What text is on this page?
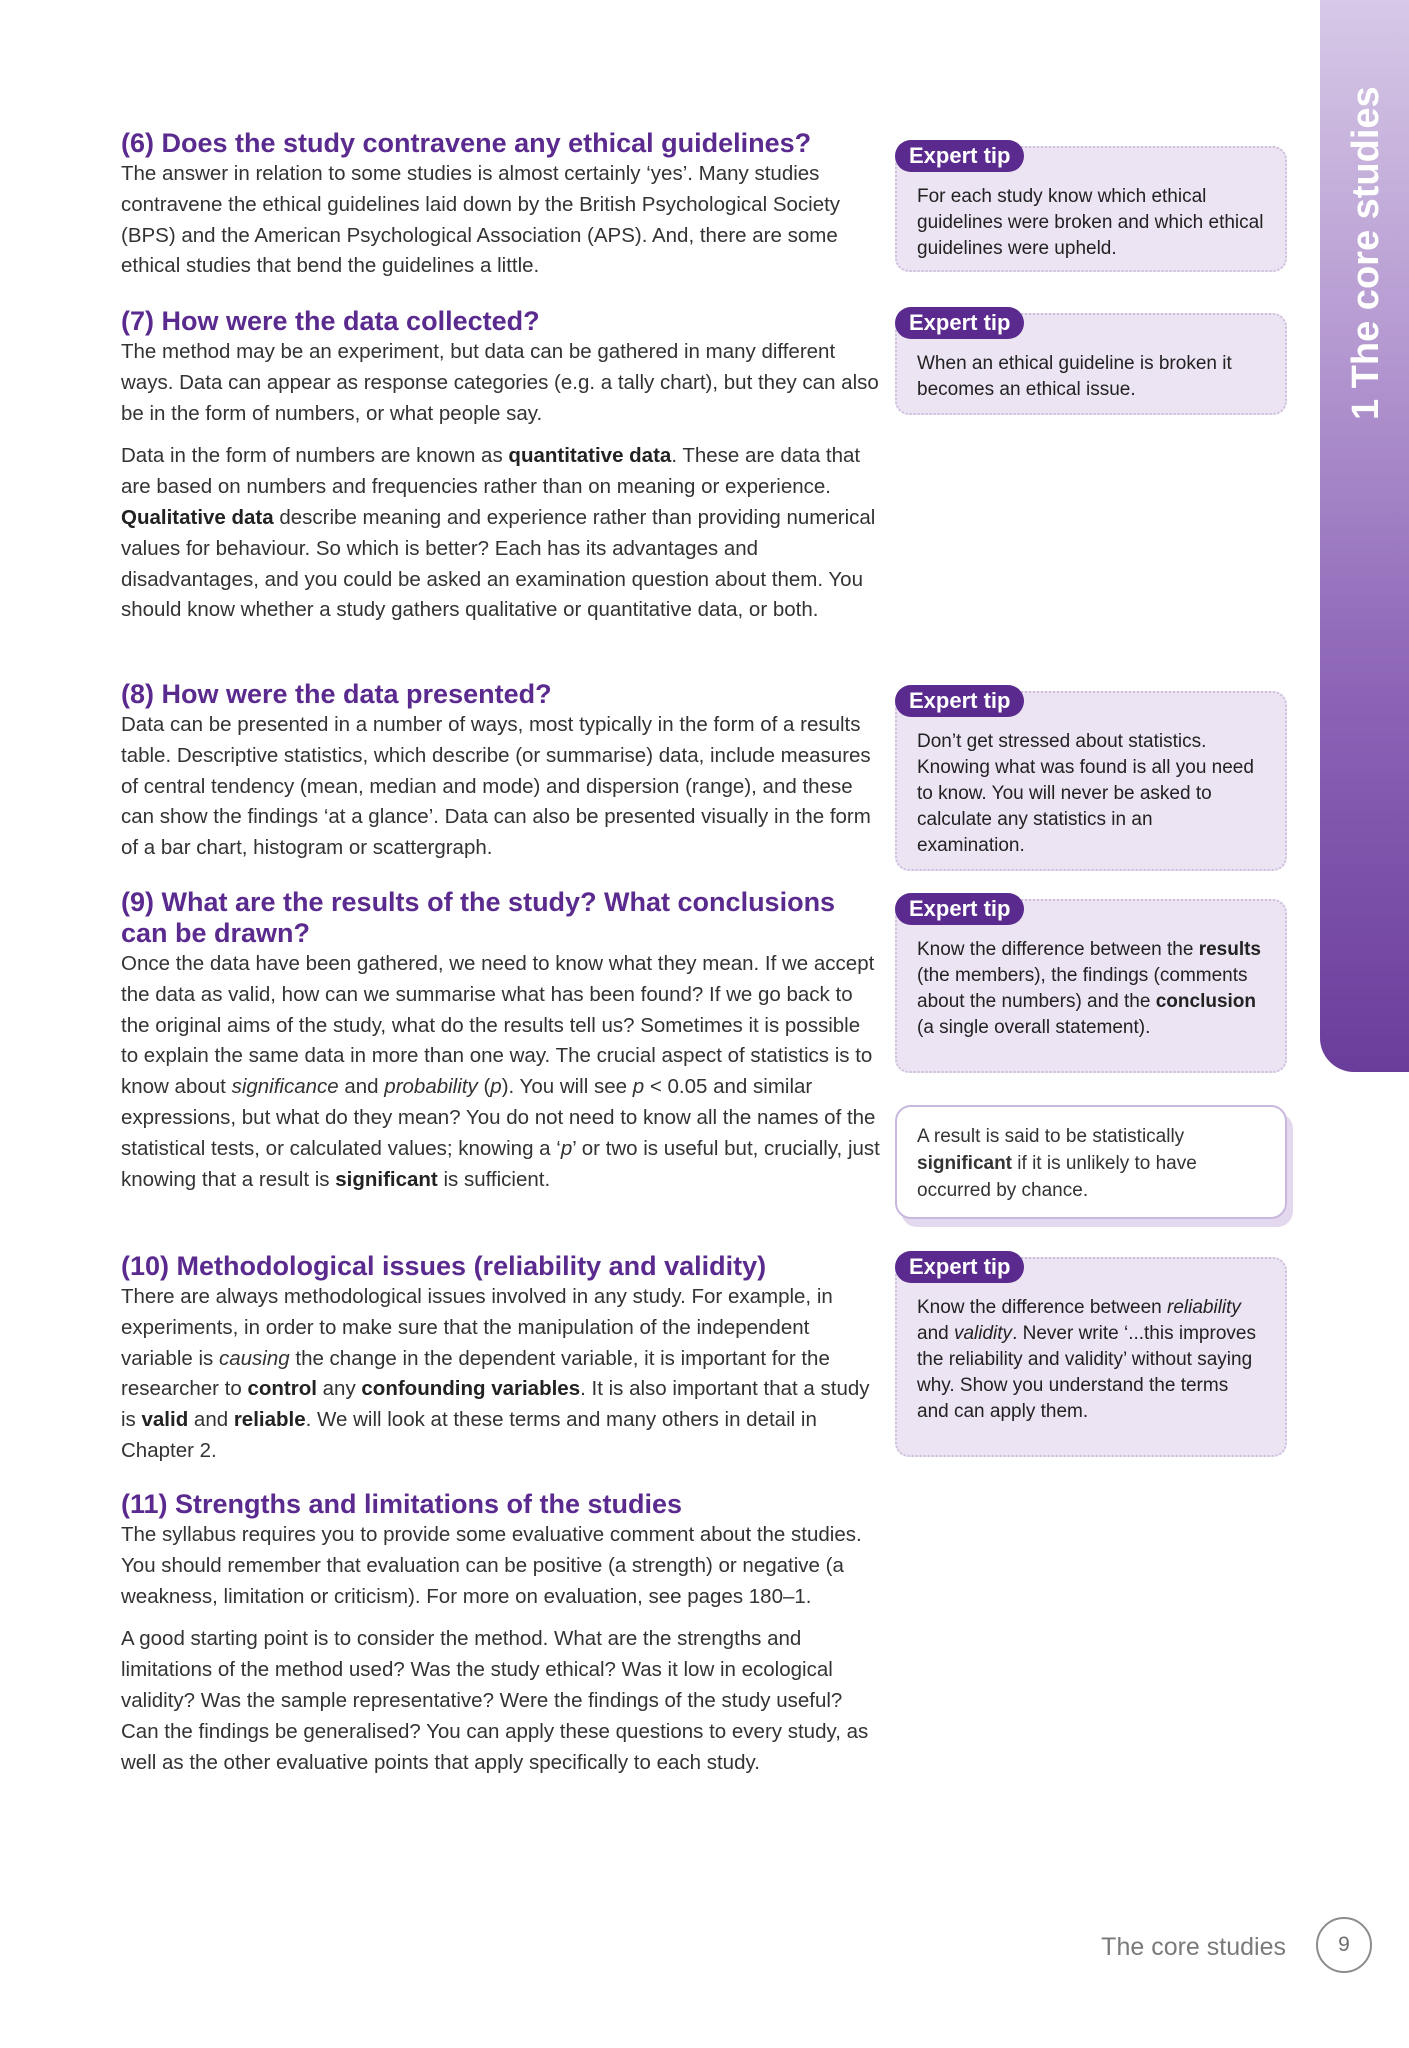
1 The core studies
(6) Does the study contravene any ethical guidelines?

The answer in relation to some studies is almost certainly ‘yes’. Many studies contravene the ethical guidelines laid down by the British Psychological Society (BPS) and the American Psychological Association (APS). And, there are some ethical studies that bend the guidelines a little.

(7) How were the data collected?

The method may be an experiment, but data can be gathered in many different ways. Data can appear as response categories (e.g. a tally chart), but they can also be in the form of numbers, or what people say.

Data in the form of numbers are known as quantitative data. These are data that are based on numbers and frequencies rather than on meaning or experience. Qualitative data describe meaning and experience rather than providing numerical values for behaviour. So which is better? Each has its advantages and disadvantages, and you could be asked an examination question about them. You should know whether a study gathers qualitative or quantitative data, or both.

(8) How were the data presented?

Data can be presented in a number of ways, most typically in the form of a results table. Descriptive statistics, which describe (or summarise) data, include measures of central tendency (mean, median and mode) and dispersion (range), and these can show the findings ‘at a glance’. Data can also be presented visually in the form of a bar chart, histogram or scattergraph.

(9) What are the results of the study? What conclusions can be drawn?

Once the data have been gathered, we need to know what they mean. If we accept the data as valid, how can we summarise what has been found? If we go back to the original aims of the study, what do the results tell us? Sometimes it is possible to explain the same data in more than one way. The crucial aspect of statistics is to know about significance and probability (p). You will see p < 0.05 and similar expressions, but what do they mean? You do not need to know all the names of the statistical tests, or calculated values; knowing a ‘p’ or two is useful but, crucially, just knowing that a result is significant is sufficient.

(10) Methodological issues (reliability and validity)

There are always methodological issues involved in any study. For example, in experiments, in order to make sure that the manipulation of the independent variable is causing the change in the dependent variable, it is important for the researcher to control any confounding variables. It is also important that a study is valid and reliable. We will look at these terms and many others in detail in Chapter 2.

(11) Strengths and limitations of the studies

The syllabus requires you to provide some evaluative comment about the studies. You should remember that evaluation can be positive (a strength) or negative (a weakness, limitation or criticism). For more on evaluation, see pages 180–1.

A good starting point is to consider the method. What are the strengths and limitations of the method used? Was the study ethical? Was it low in ecological validity? Was the sample representative? Were the findings of the study useful? Can the findings be generalised? You can apply these questions to every study, as well as the other evaluative points that apply specifically to each study.

Expert tip
For each study know which ethical guidelines were broken and which ethical guidelines were upheld.
Expert tip
When an ethical guideline is broken it becomes an ethical issue.
Expert tip
Don’t get stressed about statistics. Knowing what was found is all you need to know. You will never be asked to calculate any statistics in an examination.
Expert tip
Know the difference between the results (the members), the findings (comments about the numbers) and the conclusion (a single overall statement).
A result is said to be statistically significant if it is unlikely to have occurred by chance.
Expert tip
Know the difference between reliability and validity. Never write ‘...this improves the reliability and validity’ without saying why. Show you understand the terms and can apply them.
The core studies	9
